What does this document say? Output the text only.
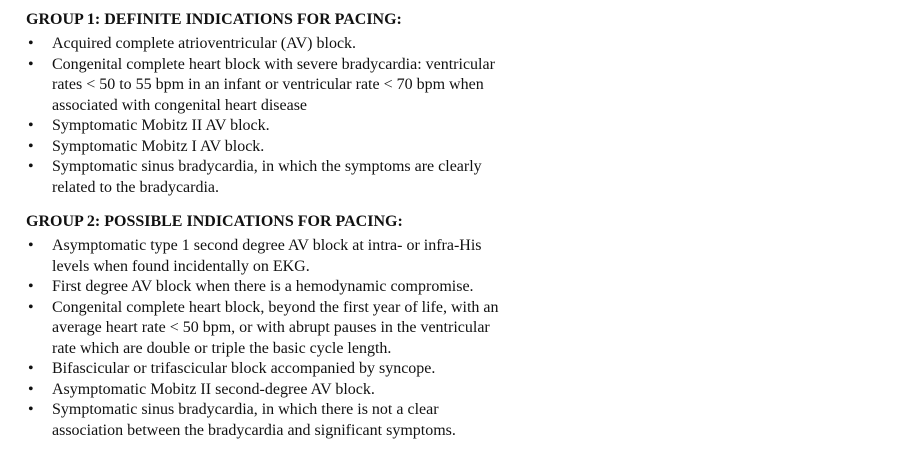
GROUP 1: DEFINITE INDICATIONS FOR PACING:
• Acquired complete atrioventricular (AV) block.
• Congenital complete heart block with severe bradycardia: ventricular
rates < 50 to 55 bpm in an infant or ventricular rate < 70 bpm when
associated with congenital heart disease
• Symptomatic Mobitz II AV block.
• Symptomatic Mobitz I AV block.
• Symptomatic sinus bradycardia, in which the symptoms are clearly
related to the bradycardia.
GROUP 2: POSSIBLE INDICATIONS FOR PACING:
• Asymptomatic type 1 second degree AV block at intra- or infra-His
levels when found incidentally on EKG.
• First degree AV block when there is a hemodynamic compromise.
• Congenital complete heart block, beyond the first year of life, with an
average heart rate < 50 bpm, or with abrupt pauses in the ventricular
rate which are double or triple the basic cycle length.
• Bifascicular or trifascicular block accompanied by syncope.
• Asymptomatic Mobitz II second-degree AV block.
• Symptomatic sinus bradycardia, in which there is not a clear
association between the bradycardia and significant symptoms.
